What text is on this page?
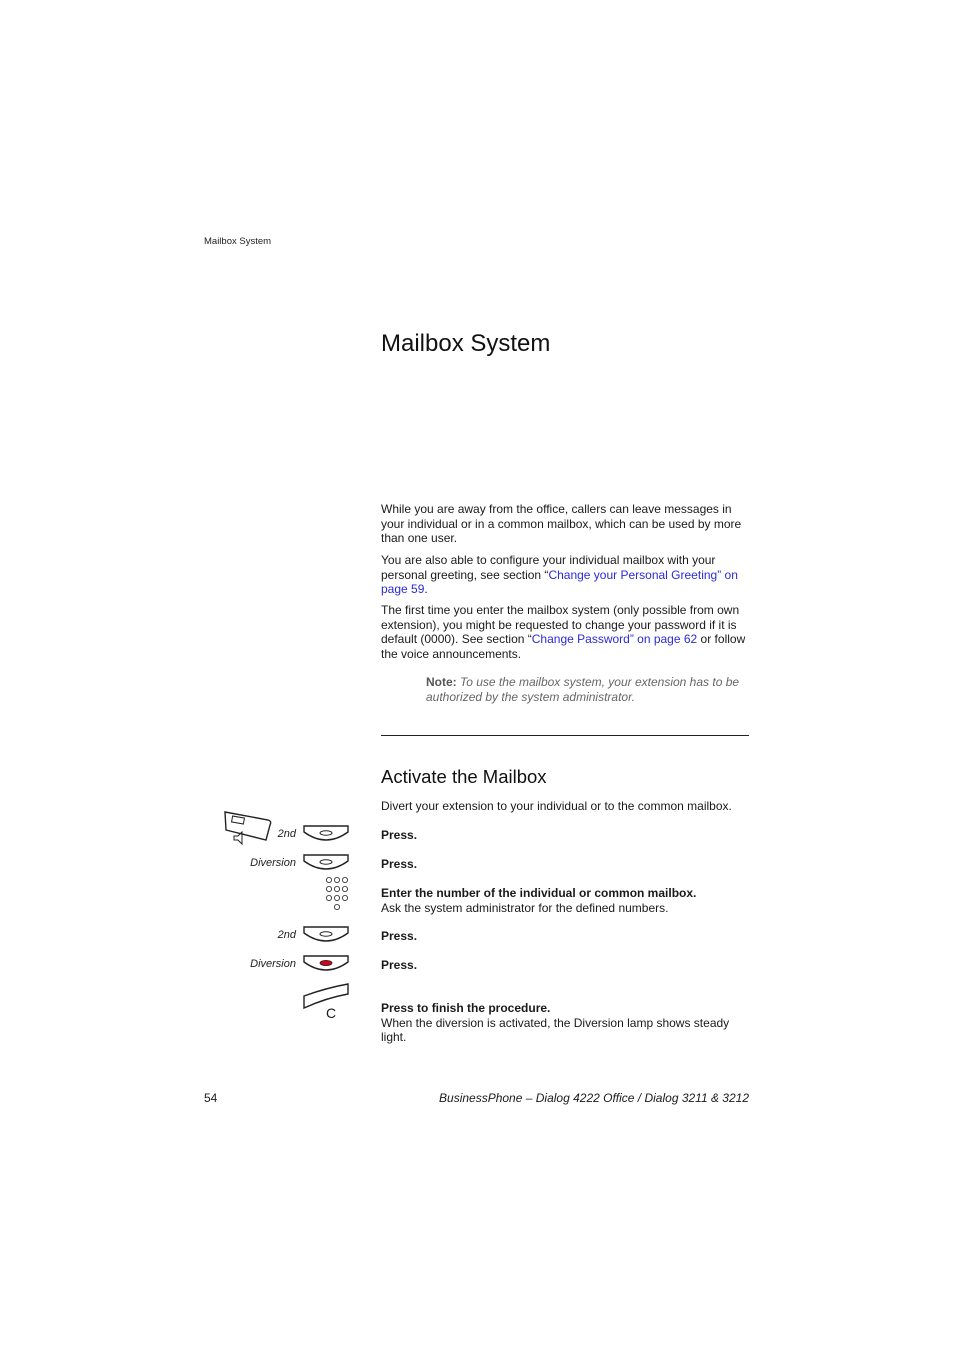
Mailbox System
Mailbox System
While you are away from the office, callers can leave messages in your individual or in a common mailbox, which can be used by more than one user.
You are also able to configure your individual mailbox with your personal greeting, see section “Change your Personal Greeting” on page 59.
The first time you enter the mailbox system (only possible from own extension), you might be requested to change your password if it is default (0000). See section “Change Password” on page 62 or follow the voice announcements.
Note: To use the mailbox system, your extension has to be authorized by the system administrator.
Activate the Mailbox
Divert your extension to your individual or to the common mailbox.
2nd	Press.
Diversion	Press.
Enter the number of the individual or common mailbox.
Ask the system administrator for the defined numbers.
2nd	Press.
Diversion	Press.
C	Press to finish the procedure.
When the diversion is activated, the Diversion lamp shows steady light.
54	BusinessPhone – Dialog 4222 Office / Dialog 3211 & 3212
